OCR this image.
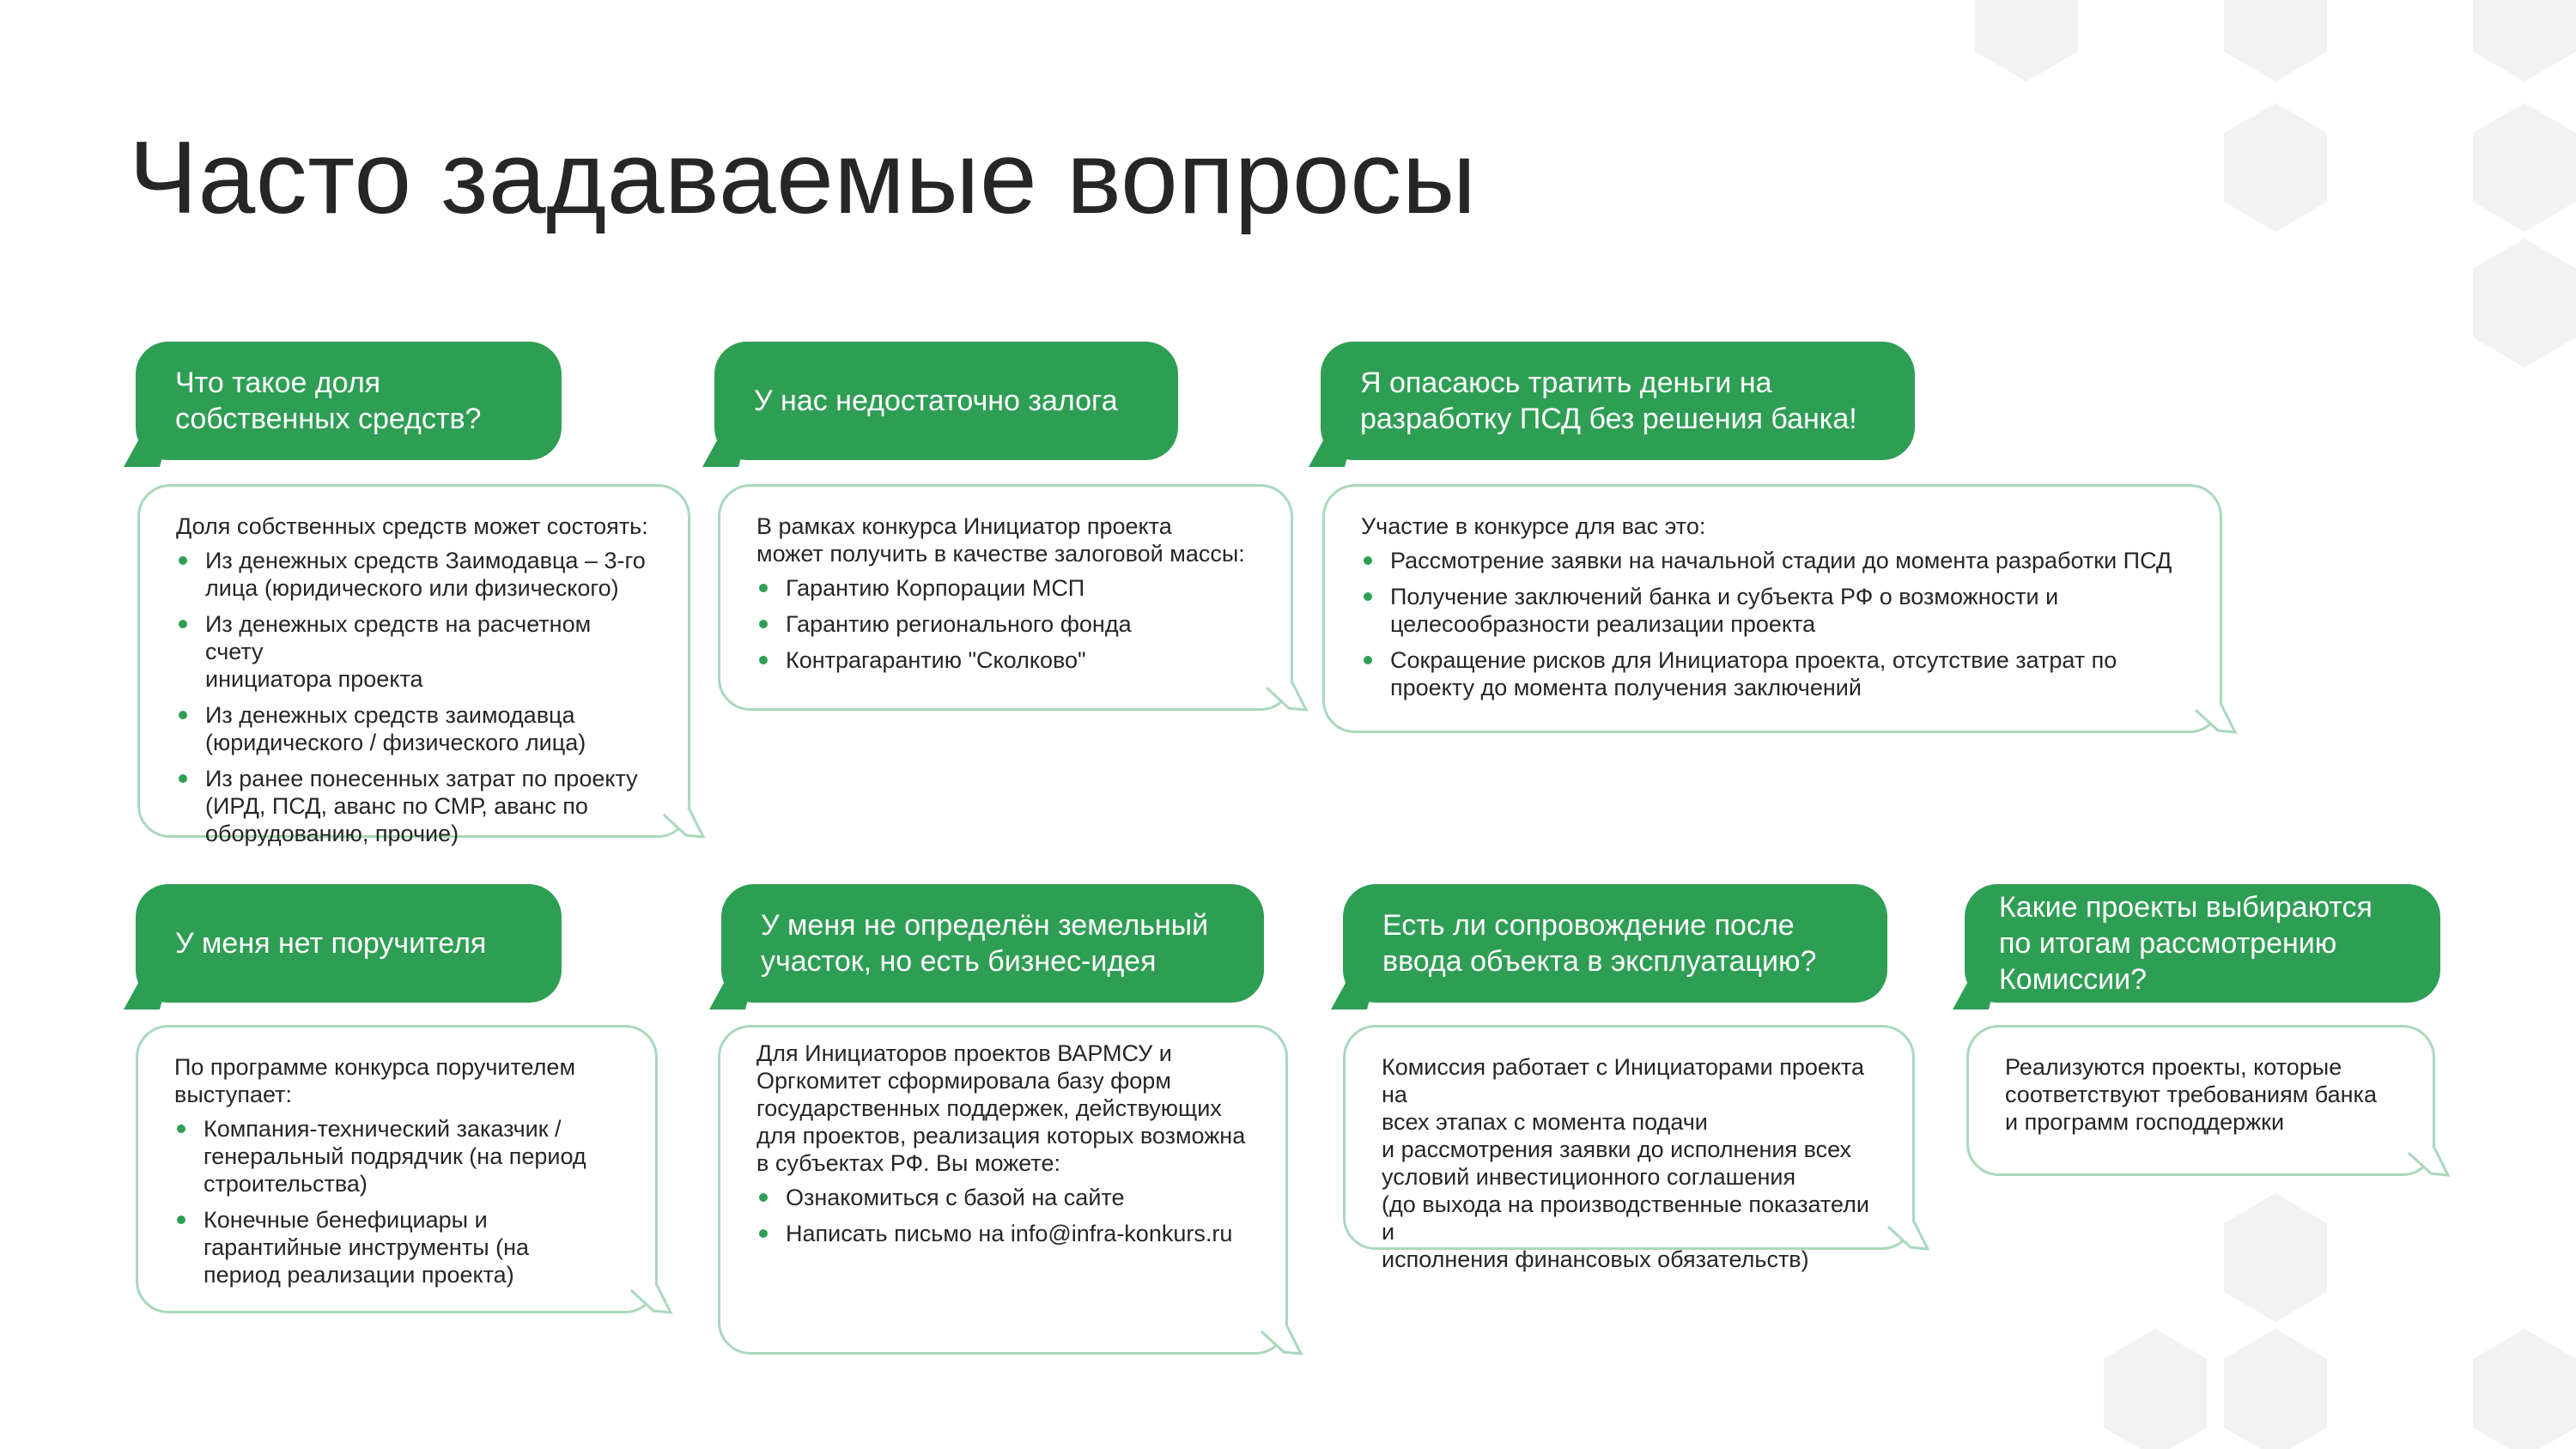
Часто задаваемые вопросы
Что такое доля
собственных средств?

Доля собственных средств может состоять:

Из денежных средств Заимодавца – 3-го
лица (юридического или физического)
Из денежных средств на расчетном счету
инициатора проекта
Из денежных средств заимодавца
(юридического / физического лица)
Из ранее понесенных затрат по проекту
(ИРД, ПСД, аванс по СМР, аванс по
оборудованию, прочие)
У нас недостаточно залога

В рамках конкурса Инициатор проекта
может получить в качестве залоговой массы:

Гарантию Корпорации МСП
Гарантию регионального фонда
Контрагарантию "Сколково"
Я опасаюсь тратить деньги на
разработку ПСД без решения банка!

Участие в конкурсе для вас это:

Рассмотрение заявки на начальной стадии до момента разработки ПСД
Получение заключений банка и субъекта РФ о возможности и
целесообразности реализации проекта
Сокращение рисков для Инициатора проекта, отсутствие затрат по
проекту до момента получения заключений
У меня нет поручителя

По программе конкурса поручителем
выступает:

Компания-технический заказчик /
генеральный подрядчик (на период
строительства)
Конечные бенефициары и
гарантийные инструменты (на
период реализации проекта)
У меня не определён земельный
участок, но есть бизнес-идея

Для Инициаторов проектов ВАРМСУ и
Оргкомитет сформировала базу форм
государственных поддержек, действующих
для проектов, реализация которых возможна
в субъектах РФ. Вы можете:

Ознакомиться с базой на сайте
Написать письмо на info@infra-konkurs.ru
Есть ли сопровождение после
ввода объекта в эксплуатацию?

Комиссия работает с Инициаторами проекта на
всех этапах с момента подачи
и рассмотрения заявки до исполнения всех
условий инвестиционного соглашения
(до выхода на производственные показатели и
исполнения финансовых обязательств)

Какие проекты выбираются
по итогам рассмотрению
Комиссии?

Реализуются проекты, которые
соответствуют требованиям банка
и программ господдержки
